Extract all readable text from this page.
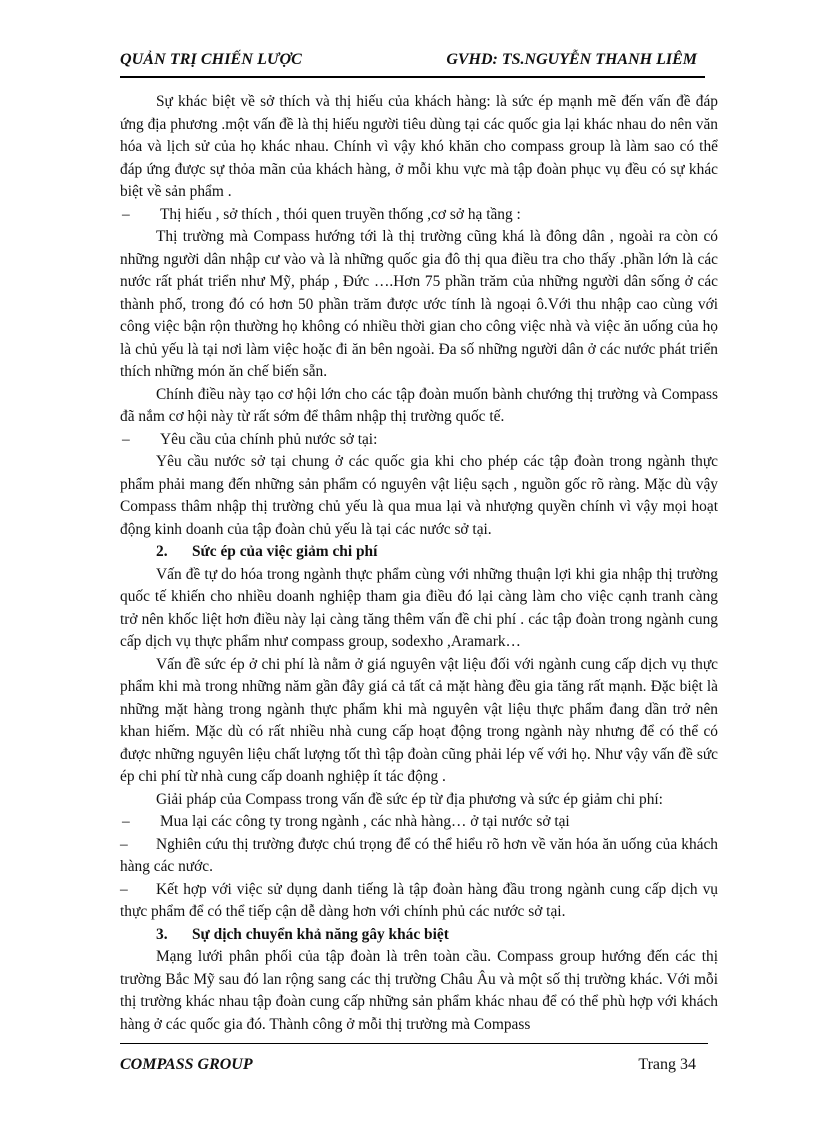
QUẢN TRỊ CHIẾN LƯỢC	GVHD: TS.NGUYỄN THANH LIÊM

Sự khác biệt về sở thích và thị hiếu của khách hàng: là sức ép mạnh mẽ đến vấn đề đáp ứng địa phương .một vấn đề là thị hiếu người tiêu dùng tại các quốc gia lại khác nhau do nên văn hóa và lịch sử của họ khác nhau. Chính vì vậy khó khăn cho compass group là làm sao có thể đáp ứng được sự thỏa mãn của khách hàng, ở mỗi khu vực mà tập đoàn phục vụ đều có sự khác biệt về sản phẩm .

– Thị hiếu , sở thích , thói quen truyền thống ,cơ sở hạ tầng :

Thị trường mà Compass hướng tới là thị trường cũng khá là đông dân , ngoài ra còn có những người dân nhập cư vào và là những quốc gia đô thị qua điều tra cho thấy .phần lớn là các nước rất phát triển như Mỹ, pháp , Đức ….Hơn 75 phần trăm của những người dân sống ở các thành phố, trong đó có hơn 50 phần trăm được ước tính là ngoại ô.Với thu nhập cao cùng với công việc bận rộn thường họ không có nhiều thời gian cho công việc nhà và việc ăn uống của họ là chủ yếu là tại nơi làm việc hoặc đi ăn bên ngoài. Đa số những người dân ở các nước phát triển thích những món ăn chế biến sẵn.

Chính điều này tạo cơ hội lớn cho các tập đoàn muốn bành chướng thị trường và Compass đã nắm cơ hội này từ rất sớm để thâm nhập thị trường quốc tế.

– Yêu cầu của chính phủ nước sở tại:

Yêu cầu nước sở tại chung ở các quốc gia khi cho phép các tập đoàn trong ngành thực phẩm phải mang đến những sản phẩm có nguyên vật liệu sạch , nguồn gốc rõ ràng. Mặc dù vậy Compass thâm nhập thị trường chủ yếu là qua mua lại và nhượng quyền chính vì vậy mọi hoạt động kinh doanh của tập đoàn chủ yếu là tại các nước sở tại.

2. Sức ép của việc giảm chi phí

Vấn đề tự do hóa trong ngành thực phẩm cùng với những thuận lợi khi gia nhập thị trường quốc tế khiến cho nhiều doanh nghiệp tham gia điều đó lại càng làm cho việc cạnh tranh càng trở nên khốc liệt hơn điều này lại càng tăng thêm vấn đề chi phí . các tập đoàn trong ngành cung cấp dịch vụ thực phẩm như compass group, sodexho ,Aramark…

Vấn đề sức ép ở chi phí là nằm ở giá nguyên vật liệu đối với ngành cung cấp dịch vụ thực phẩm khi mà trong những năm gần đây giá cả tất cả mặt hàng đều gia tăng rất mạnh. Đặc biệt là những mặt hàng trong ngành thực phẩm khi mà nguyên vật liệu thực phẩm đang dần trở nên khan hiếm. Mặc dù có rất nhiều nhà cung cấp hoạt động trong ngành này nhưng để có thể có được những nguyên liệu chất lượng tốt thì tập đoàn cũng phải lép vế với họ. Như vậy vấn đề sức ép chi phí từ nhà cung cấp doanh nghiệp ít tác động .

Giải pháp của Compass trong vấn đề sức ép từ địa phương và sức ép giảm chi phí:

– Mua lại các công ty trong ngành , các nhà hàng… ở tại nước sở tại

– Nghiên cứu thị trường được chú trọng để có thể hiểu rõ hơn về văn hóa ăn uống của khách hàng các nước.

– Kết hợp với việc sử dụng danh tiếng là tập đoàn hàng đầu trong ngành cung cấp dịch vụ thực phẩm để có thể tiếp cận dễ dàng hơn với chính phủ các nước sở tại.

3. Sự dịch chuyển khả năng gây khác biệt

Mạng lưới phân phối của tập đoàn là trên toàn cầu. Compass group hướng đến các thị trường Bắc Mỹ sau đó lan rộng sang các thị trường Châu Âu và một số thị trường khác. Với mỗi thị trường khác nhau tập đoàn cung cấp những sản phẩm khác nhau để có thể phù hợp với khách hàng ở các quốc gia đó. Thành công ở mỗi thị trường mà Compass

COMPASS GROUP	Trang 34
